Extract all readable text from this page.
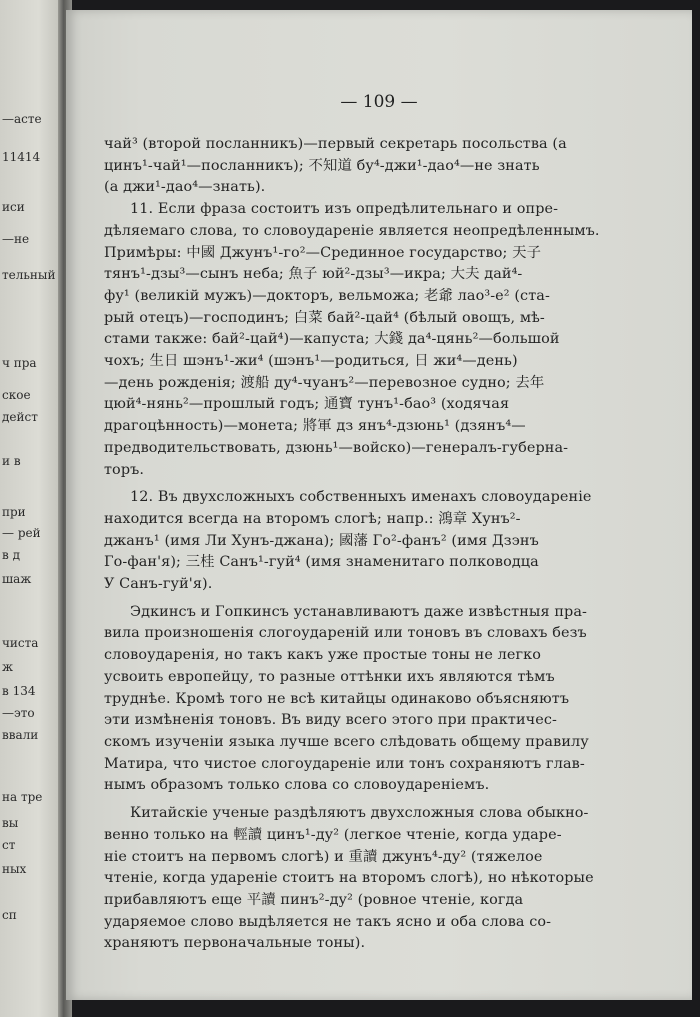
—асте
11414
иси
—не
тельный
ч пра
ское
дейст
и в
при
— рей
в д
шаж
чиста
ж
в 134
—это
ввали
на тре
вы
ст
ных
сп
— 109 —
чай³ (второй посланникъ)—первый секретарь посольства (а
цинъ¹-чай¹—посланникъ); 不知道 бу⁴-джи¹-дао⁴—не знать
(а джи¹-дао⁴—знать).
11. Если фраза состоитъ изъ опредѣлительнаго и опре-
дѣляемаго слова, то словоударенiе является неопредѣленнымъ.
Примѣры: 中國 Джунъ¹-го²—Срединное государство; 天子
тянъ¹-дзы³—сынъ неба; 魚子 юй²-дзы³—икра; 大夫 дай⁴-
фу¹ (великiй мужъ)—докторъ, вельможа; 老爺 лао³-е² (ста-
рый отецъ)—господинъ; 白菜 бай²-цай⁴ (бѣлый овощъ, мѣ-
стами также: бай²-цай⁴)—капуста; 大錢 да⁴-цянь²—большой
чохъ; 生日 шэнъ¹-жи⁴ (шэнъ¹—родиться, 日 жи⁴—день)
—день рожденiя; 渡船 ду⁴-чуанъ²—перевозное судно; 去年
цюй⁴-нянь²—прошлый годъ; 通寶 тунъ¹-бао³ (ходячая
драгоцѣнность)—монета; 將軍 дз янъ⁴-дзюнь¹ (дзянъ⁴—
предводительствовать, дзюнь¹—войско)—генералъ-губерна-
торъ.
12. Въ двухсложныхъ собственныхъ именахъ словоударенiе
находится всегда на второмъ слогѣ; напр.: 鴻章 Хунъ²-
джанъ¹ (имя Ли Хунъ-джана); 國藩 Го²-фанъ² (имя Дзэнъ
Го-фан'я); 三桂 Санъ¹-гуй⁴ (имя знаменитаго полководца
У Санъ-гуй'я).
Эдкинсъ и Гопкинсъ устанавливаютъ даже извѣстныя пра-
вила произношенiя слогоударенiй или тоновъ въ словахъ безъ
словоударенiя, но такъ какъ уже простые тоны не легко
усвоить европейцу, то разные оттѣнки ихъ являются тѣмъ
труднѣе. Кромѣ того не всѣ китайцы одинаково объясняютъ
эти измѣненiя тоновъ. Въ виду всего этого при практичес-
скомъ изученiи языка лучше всего слѣдовать общему правилу
Матира, что чистое слогоударенiе или тонъ сохраняютъ глав-
нымъ образомъ только слова со словоударенiемъ.
Китайскiе ученые раздѣляютъ двухсложныя слова обыкно-
венно только на 輕讀 цинъ¹-ду² (легкое чтенiе, когда ударе-
нiе стоитъ на первомъ слогѣ) и 重讀 джунъ⁴-ду² (тяжелое
чтенiе, когда ударенiе стоитъ на второмъ слогѣ), но нѣкоторые
прибавляютъ еще 平讀 пинъ²-ду² (ровное чтенiе, когда
ударяемое слово выдѣляется не такъ ясно и оба слова со-
храняютъ первоначальные тоны).
